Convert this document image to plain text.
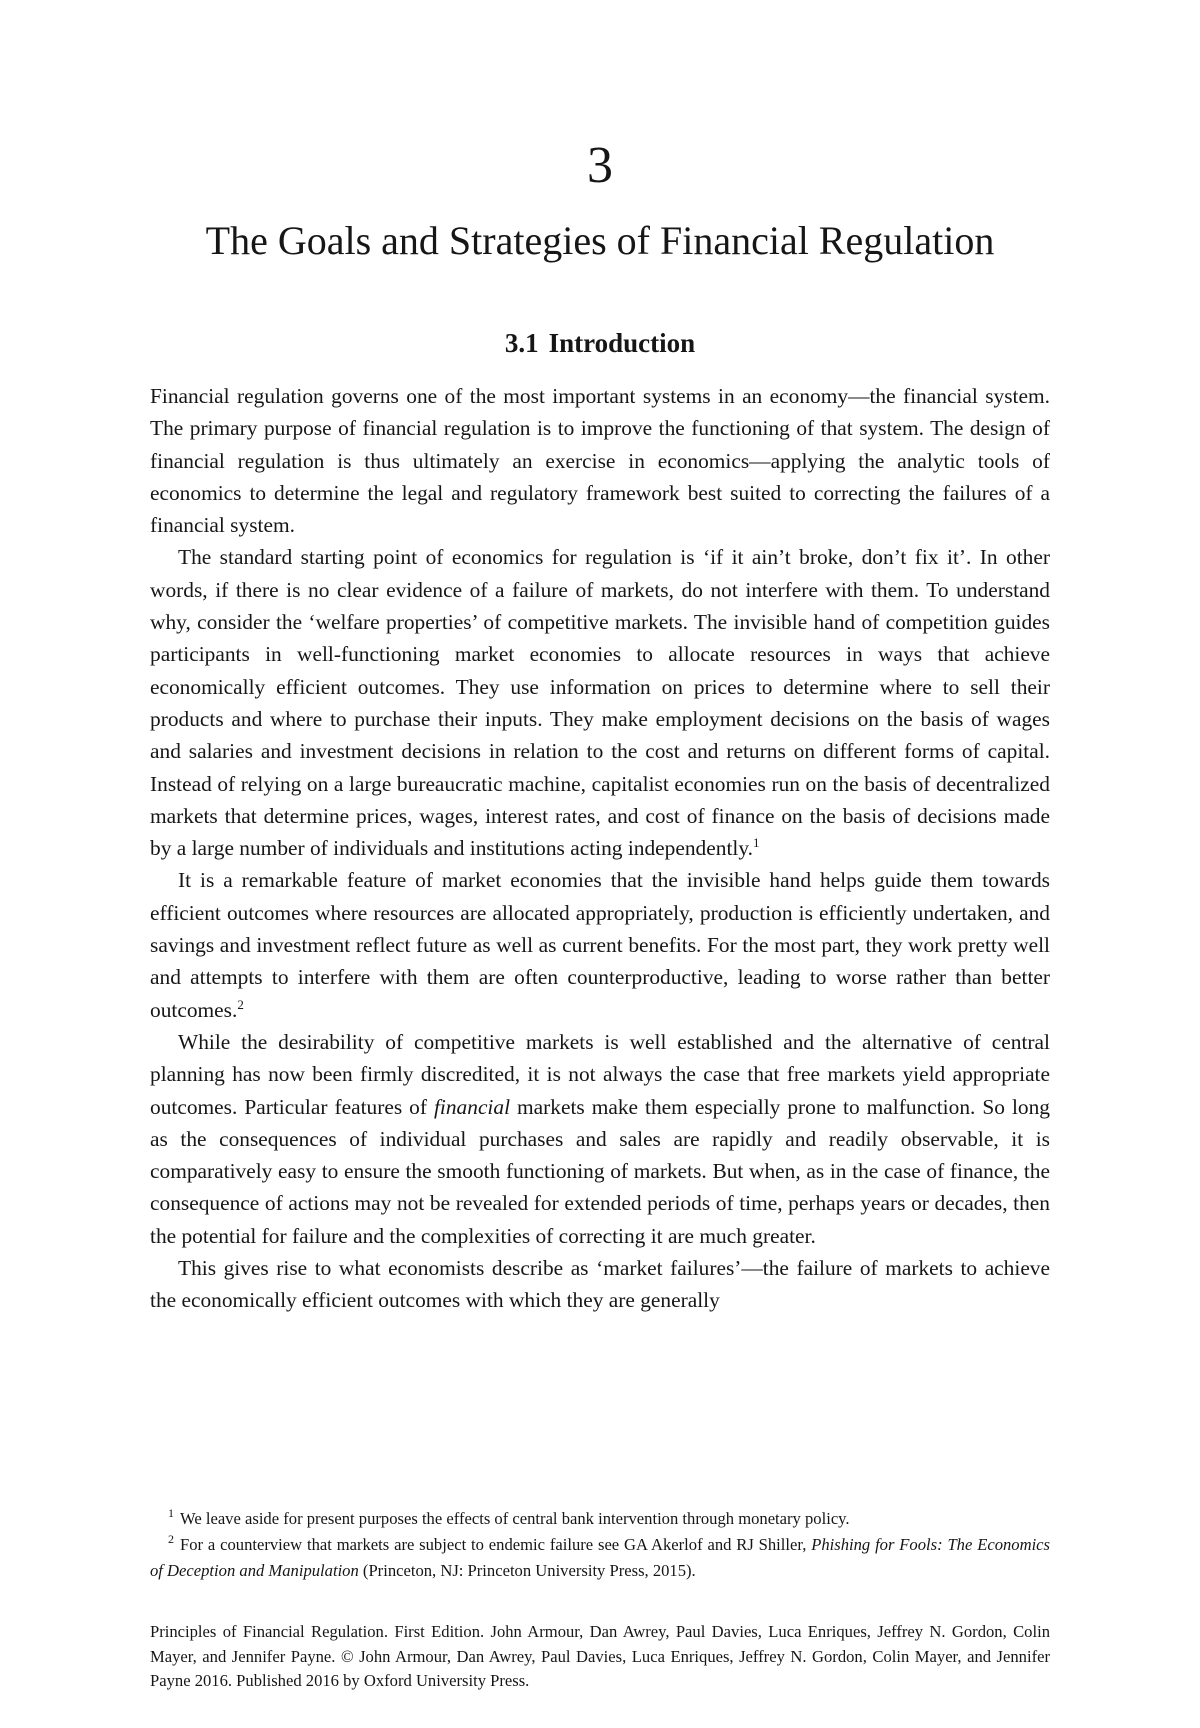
3
The Goals and Strategies of Financial Regulation
3.1 Introduction

Financial regulation governs one of the most important systems in an economy—the financial system. The primary purpose of financial regulation is to improve the functioning of that system. The design of financial regulation is thus ultimately an exercise in economics—applying the analytic tools of economics to determine the legal and regulatory framework best suited to correcting the failures of a financial system.

The standard starting point of economics for regulation is ‘if it ain’t broke, don’t fix it’. In other words, if there is no clear evidence of a failure of markets, do not interfere with them. To understand why, consider the ‘welfare properties’ of competitive markets. The invisible hand of competition guides participants in well-functioning market economies to allocate resources in ways that achieve economically efficient outcomes. They use information on prices to determine where to sell their products and where to purchase their inputs. They make employment decisions on the basis of wages and salaries and investment decisions in relation to the cost and returns on different forms of capital. Instead of relying on a large bureaucratic machine, capitalist economies run on the basis of decentralized markets that determine prices, wages, interest rates, and cost of finance on the basis of decisions made by a large number of individuals and institutions acting independently.$^1$

It is a remarkable feature of market economies that the invisible hand helps guide them towards efficient outcomes where resources are allocated appropriately, production is efficiently undertaken, and savings and investment reflect future as well as current benefits. For the most part, they work pretty well and attempts to interfere with them are often counterproductive, leading to worse rather than better outcomes.$^2$

While the desirability of competitive markets is well established and the alternative of central planning has now been firmly discredited, it is not always the case that free markets yield appropriate outcomes. Particular features of financial markets make them especially prone to malfunction. So long as the consequences of individual purchases and sales are rapidly and readily observable, it is comparatively easy to ensure the smooth functioning of markets. But when, as in the case of finance, the consequence of actions may not be revealed for extended periods of time, perhaps years or decades, then the potential for failure and the complexities of correcting it are much greater.

This gives rise to what economists describe as ‘market failures’—the failure of markets to achieve the economically efficient outcomes with which they are generally

$^1$ We leave aside for present purposes the effects of central bank intervention through monetary policy.

$^2$ For a counterview that markets are subject to endemic failure see GA Akerlof and RJ Shiller, Phishing for Fools: The Economics of Deception and Manipulation (Princeton, NJ: Princeton University Press, 2015).

Principles of Financial Regulation. First Edition. John Armour, Dan Awrey, Paul Davies, Luca Enriques, Jeffrey N. Gordon, Colin Mayer, and Jennifer Payne. © John Armour, Dan Awrey, Paul Davies, Luca Enriques, Jeffrey N. Gordon, Colin Mayer, and Jennifer Payne 2016. Published 2016 by Oxford University Press.
